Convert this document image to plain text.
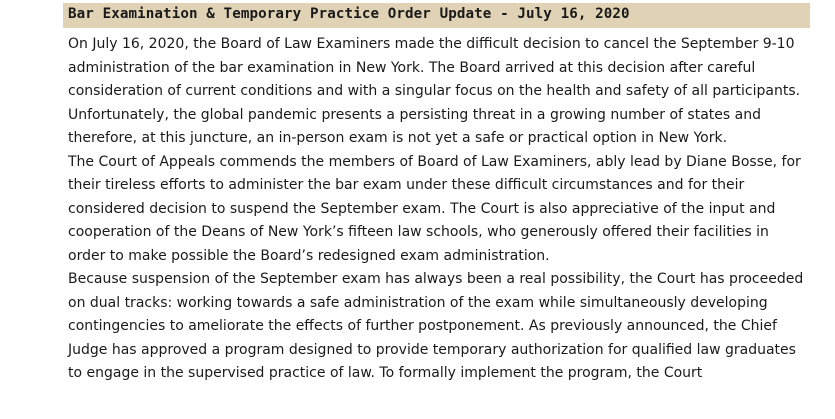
Bar Examination & Temporary Practice Order Update - July 16, 2020

On July 16, 2020, the Board of Law Examiners made the difficult decision to cancel the September 9-10 administration of the bar examination in New York. The Board arrived at this decision after careful consideration of current conditions and with a singular focus on the health and safety of all participants. Unfortunately, the global pandemic presents a persisting threat in a growing number of states and therefore, at this juncture, an in-person exam is not yet a safe or practical option in New York.

The Court of Appeals commends the members of Board of Law Examiners, ably lead by Diane Bosse, for their tireless efforts to administer the bar exam under these difficult circumstances and for their considered decision to suspend the September exam. The Court is also appreciative of the input and cooperation of the Deans of New York’s fifteen law schools, who generously offered their facilities in order to make possible the Board’s redesigned exam administration.

Because suspension of the September exam has always been a real possibility, the Court has proceeded on dual tracks: working towards a safe administration of the exam while simultaneously developing contingencies to ameliorate the effects of further postponement. As previously announced, the Chief Judge has approved a program designed to provide temporary authorization for qualified law graduates to engage in the supervised practice of law. To formally implement the program, the Court
